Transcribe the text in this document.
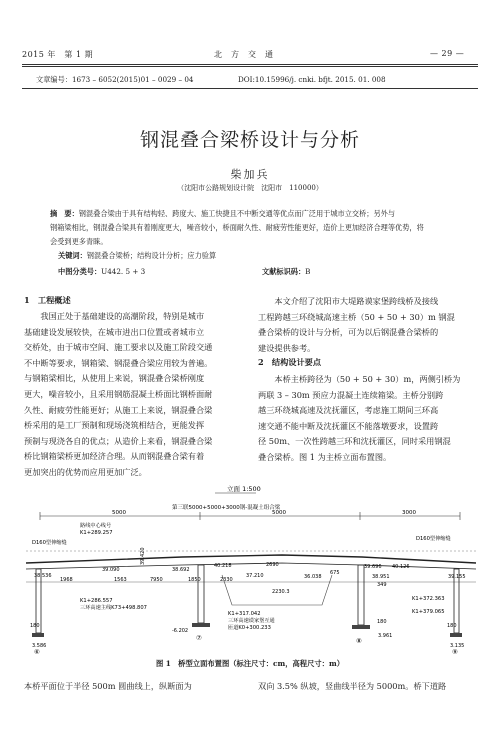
2015 年　第 1 期	北　方　交　通	— 29 —
文章编号：1673 – 6052(2015)01 – 0029 – 04	DOI:10.15996/j. cnki. bfjt. 2015. 01. 008
钢混叠合梁桥设计与分析
柴加兵
（沈阳市公路规划设计院　沈阳市　110000）
摘　要：钢混叠合梁由于具有结构轻、跨度大、施工快捷且不中断交通等优点而广泛用于城市立交桥；另外与
钢箱梁相比，钢混叠合梁具有着刚度更大，噪音较小，桥面耐久性、耐疲劳性能更好，造价上更加经济合理等优势，将
会受到更多青睐。
关键词：钢混叠合梁桥；结构设计分析；应力验算
中图分类号：U442. 5 + 3	文献标识码：B
1　工程概述
我国正处于基础建设的高潮阶段，特别是城市
基础建设发展较快，在城市进出口位置或者城市立
交桥处，由于城市空间、施工要求以及施工阶段交通
不中断等要求，钢箱梁、钢混叠合梁应用较为普遍。
与钢箱梁相比，从使用上来说，钢混叠合梁桥刚度
更大，噪音较小，且采用钢筋混凝土桥面比钢桥面耐
久性、耐疲劳性能更好；从施工上来说，钢混叠合梁
桥采用的是工厂预制和现场浇筑相结合，更能发挥
预制与现浇各自的优点；从造价上来看，钢混叠合梁
桥比钢箱梁桥更加经济合理。从而钢混叠合梁有着
更加突出的优势而应用更加广泛。
本文介绍了沈阳市大堤路谟家堡跨线桥及接线
工程跨越三环绕城高速主桥（50 + 50 + 30）m 钢混
叠合梁桥的设计与分析，可为以后钢混叠合梁桥的
建设提供参考。
2　结构设计要点
本桥主桥跨径为（50 + 50 + 30）m，两侧引桥为
两联 3 – 30m 预应力混凝土连续箱梁。主桥分别跨
越三环绕城高速及沈抚灌区，考虑施工期间三环高
速交通不能中断及沈抚灌区不能落墩要求，设置跨
径 50m、一次性跨越三环和沈抚灌区，同时采用钢混
叠合梁桥。图 1 为主桥立面布置图。
立面 1:500
第三联5000+5000+3000钢-混凝土组合梁
5000	5000	3000
路线中心线号
K1+289.257
D160型伸缩缝
D160型伸缩缝
39.090
39.420
38.692
40.218	2690
37.210	36.038
675
39.696 40.126
38.951	39.155
349
38.536
1968	1563	7950	1850
2230.3
2330
K1+286.557
三环高速主线K73+498.807
K1+317.042
三环高速谟家堡互通
匝道K0+300.233
K1+372.363
K1+379.065
3.586
-6.202
3.961
3.135
180
180
180
⑥
⑦	⑧
⑨
图 1　桥型立面布置图（标注尺寸：cm，高程尺寸：m）
本桥平面位于半径 500m 圆曲线上，纵断面为	双向 3.5% 纵坡，竖曲线半径为 5000m。桥下道路
